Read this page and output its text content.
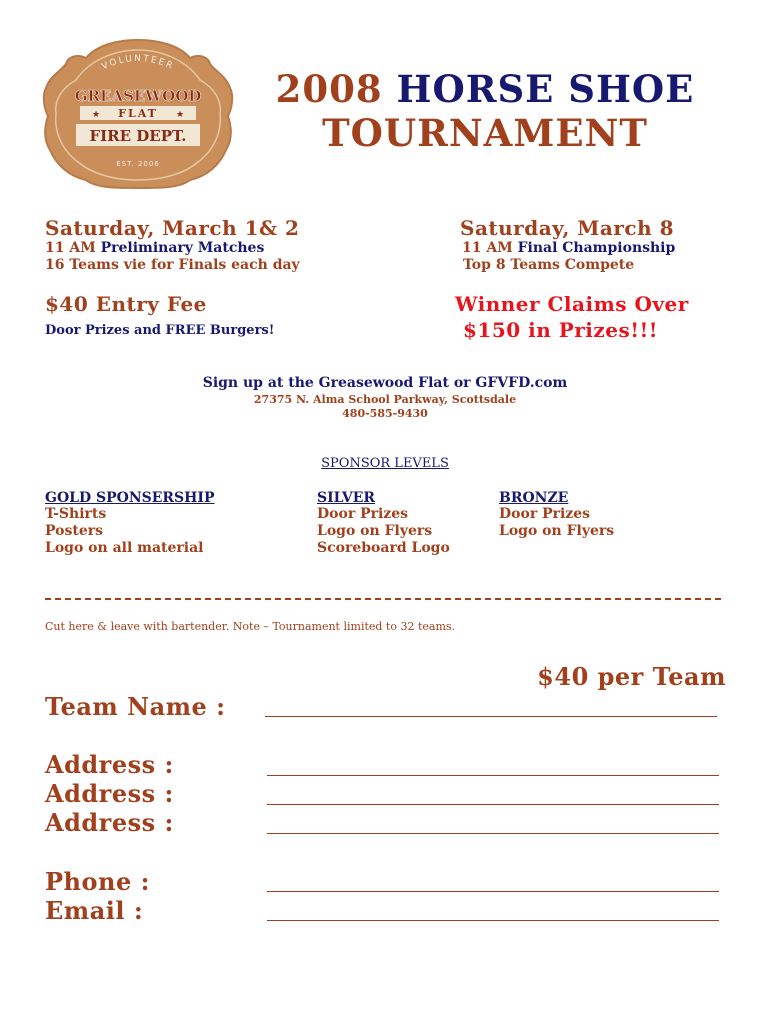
VOLUNTEER
GREASEWOOD
★	★
FLAT
FIRE DEPT.
EST. 2006
2008 HORSE SHOE
TOURNAMENT
Saturday, March 1& 2
11 AM Preliminary Matches
16 Teams vie for Finals each day
Saturday, March 8
11 AM Final Championship
Top 8 Teams Compete
$40 Entry Fee
Door Prizes and FREE Burgers!
Winner Claims Over
$150 in Prizes!!!
Sign up at the Greasewood Flat or GFVFD.com
27375 N. Alma School Parkway, Scottsdale
480-585-9430
SPONSOR LEVELS
GOLD SPONSERSHIP
T-Shirts
Posters
Logo on all material
SILVER
Door Prizes
Logo on Flyers
Scoreboard Logo
BRONZE
Door Prizes
Logo on Flyers
Cut here & leave with bartender. Note – Tournament limited to 32 teams.
$40 per Team
Team Name :
Address :
Address :
Address :
Phone :
Email :
